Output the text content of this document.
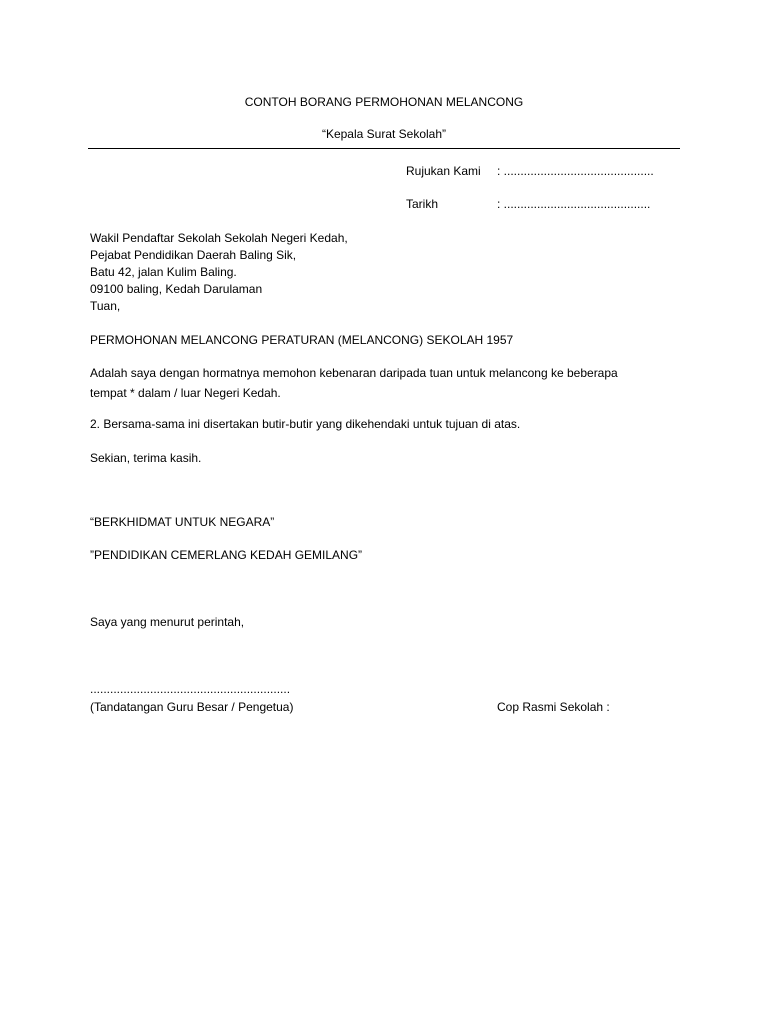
CONTOH BORANG PERMOHONAN MELANCONG
“Kepala Surat Sekolah”
Rujukan Kami : .............................................
Tarikh	: ............................................
Wakil Pendaftar Sekolah Sekolah Negeri Kedah,
Pejabat Pendidikan Daerah Baling Sik,
Batu 42, jalan Kulim Baling.
09100 baling, Kedah Darulaman
Tuan,
PERMOHONAN MELANCONG PERATURAN (MELANCONG) SEKOLAH 1957
Adalah saya dengan hormatnya memohon kebenaran daripada tuan untuk melancong ke beberapa
tempat * dalam / luar Negeri Kedah.
2. Bersama-sama ini disertakan butir-butir yang dikehendaki untuk tujuan di atas.
Sekian, terima kasih.
“BERKHIDMAT UNTUK NEGARA”
”PENDIDIKAN CEMERLANG KEDAH GEMILANG”
Saya yang menurut perintah,
............................................................
(Tandatangan Guru Besar / Pengetua)	Cop Rasmi Sekolah :
